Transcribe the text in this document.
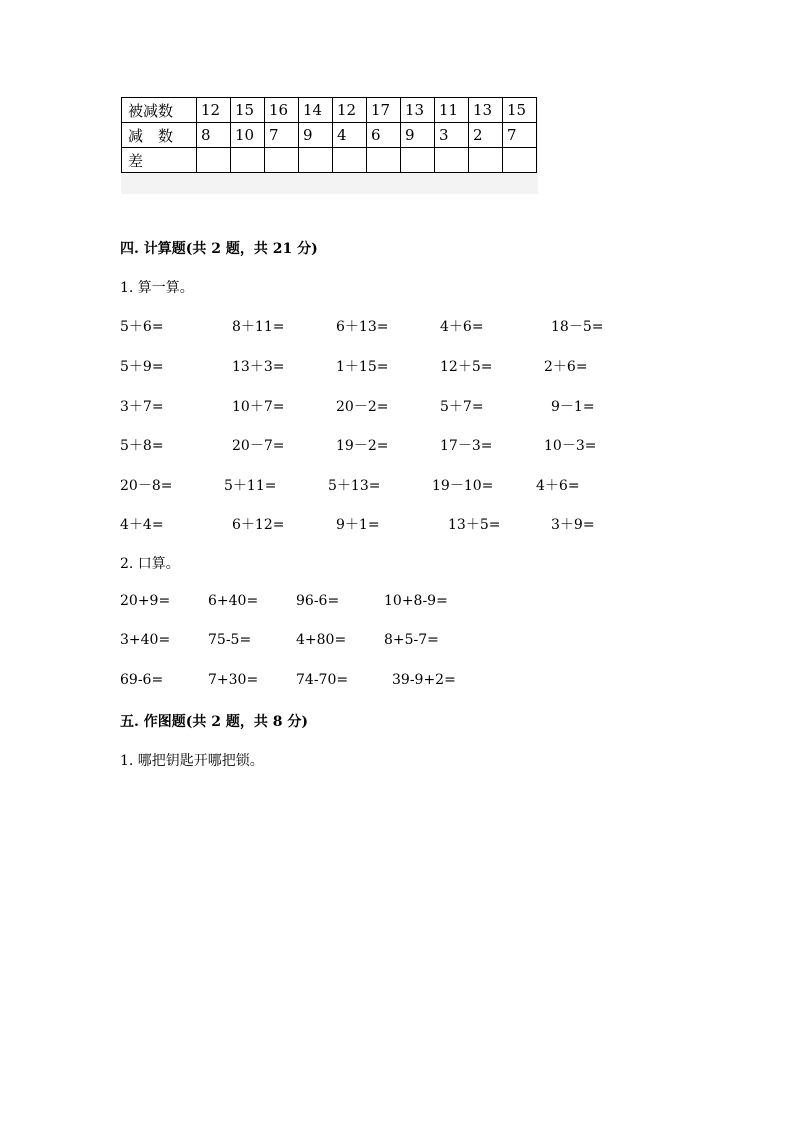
被减数	12	15	16	14	12	17	13	11	13	15
减　数	8	10	7	9	4	6	9	3	2	7
差										
四. 计算题(共 2 题，共 21 分)
1. 算一算。
5＋6=	8＋11=	6＋13=	4＋6=	18－5=
5＋9=	13＋3=	1＋15=	12＋5=	2＋6=
3＋7=	10＋7=	20－2=	5＋7=	9－1=
5＋8=	20－7=	19－2=	17－3=	10－3=
20－8=	5＋11=	5＋13=	19－10=	4＋6=
4＋4=	6＋12=	9＋1=	13＋5=	3＋9=
2. 口算。
20+9=	6+40=	96-6=	10+8-9=
3+40=	75-5=	4+80=	8+5-7=
69-6=	7+30=	74-70=	39-9+2=
五. 作图题(共 2 题，共 8 分)
1. 哪把钥匙开哪把锁。
